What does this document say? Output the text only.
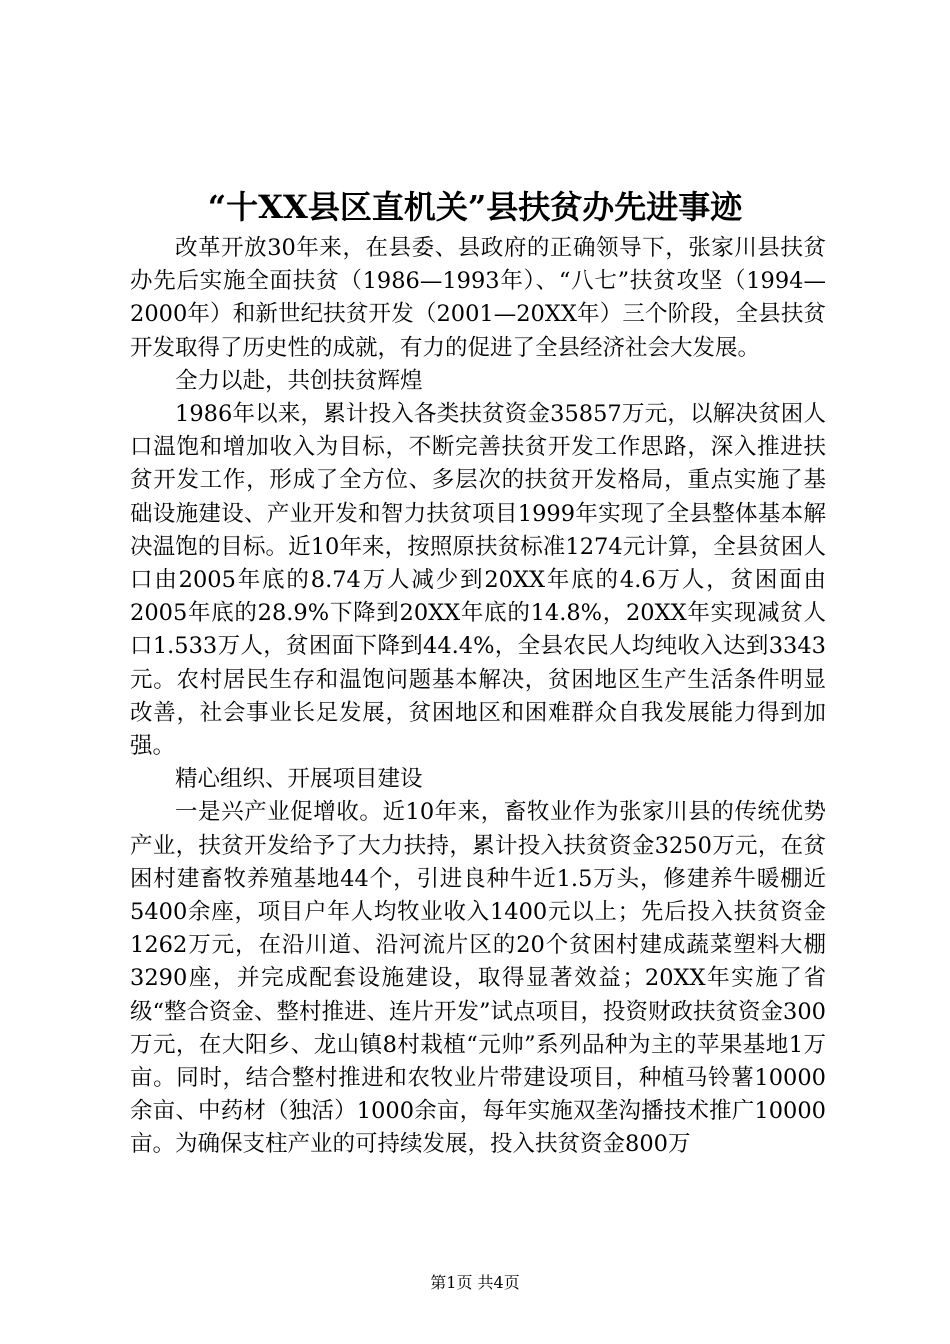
“十XX县区直机关”县扶贫办先进事迹

改革开放30年来，在县委、县政府的正确领导下，张家川县扶贫办先后实施全面扶贫（1986—1993年）、“八七”扶贫攻坚（1994—2000年）和新世纪扶贫开发（2001—20XX年）三个阶段，全县扶贫开发取得了历史性的成就，有力的促进了全县经济社会大发展。

全力以赴，共创扶贫辉煌

1986年以来，累计投入各类扶贫资金35857万元，以解决贫困人口温饱和增加收入为目标，不断完善扶贫开发工作思路，深入推进扶贫开发工作，形成了全方位、多层次的扶贫开发格局，重点实施了基础设施建设、产业开发和智力扶贫项目1999年实现了全县整体基本解决温饱的目标。近10年来，按照原扶贫标准1274元计算，全县贫困人口由2005年底的8.74万人减少到20XX年底的4.6万人，贫困面由2005年底的28.9%下降到20XX年底的14.8%，20XX年实现减贫人口1.533万人，贫困面下降到44.4%，全县农民人均纯收入达到3343元。农村居民生存和温饱问题基本解决，贫困地区生产生活条件明显改善，社会事业长足发展，贫困地区和困难群众自我发展能力得到加强。

精心组织、开展项目建设

一是兴产业促增收。近10年来，畜牧业作为张家川县的传统优势产业，扶贫开发给予了大力扶持，累计投入扶贫资金3250万元，在贫困村建畜牧养殖基地44个，引进良种牛近1.5万头，修建养牛暖棚近5400余座，项目户年人均牧业收入1400元以上；先后投入扶贫资金1262万元，在沿川道、沿河流片区的20个贫困村建成蔬菜塑料大棚3290座，并完成配套设施建设，取得显著效益；20XX年实施了省级“整合资金、整村推进、连片开发”试点项目，投资财政扶贫资金300万元，在大阳乡、龙山镇8村栽植“元帅”系列品种为主的苹果基地1万亩。同时，结合整村推进和农牧业片带建设项目，种植马铃薯10000余亩、中药材（独活）1000余亩，每年实施双垄沟播技术推广10000亩。为确保支柱产业的可持续发展，投入扶贫资金800万

第1页 共4页
